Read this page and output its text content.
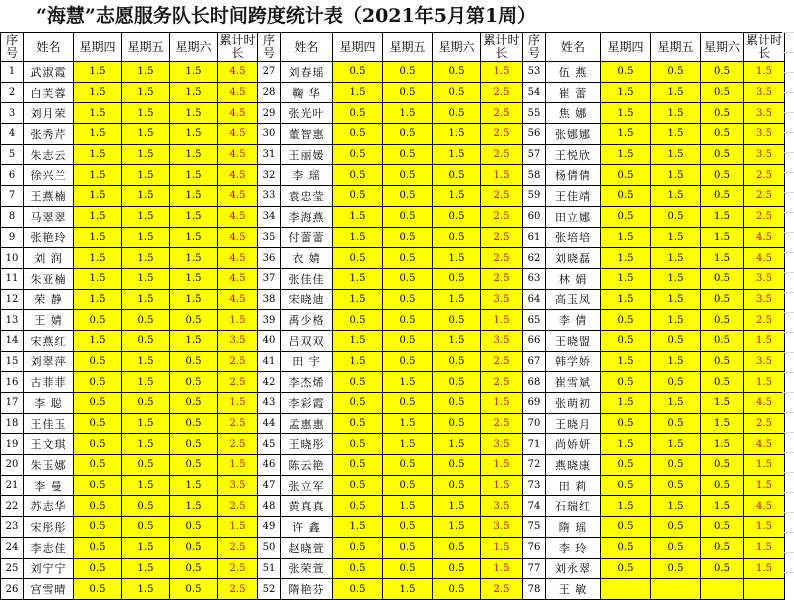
“海慧”志愿服务队长时间跨度统计表（2021年5月第1周）
序号	姓名	星期四	星期五	星期六	累计时长	序号	姓名	星期四	星期五	星期六	累计时长	序号	姓名	星期四	星期五	星期六	累计时长
1	武淑霞	1.5	1.5	1.5	4.5	27	刘春瑶	0.5	0.5	0.5	1.5	53	伍 燕	0.5	0.5	0.5	1.5
2	白芙蓉	1.5	1.5	1.5	4.5	28	鞠 华	1.5	0.5	0.5	2.5	54	崔 蕾	1.5	1.5	0.5	3.5
3	刘月荣	1.5	1.5	1.5	4.5	29	张光叶	0.5	1.5	0.5	2.5	55	焦 娜	1.5	1.5	0.5	3.5
4	张秀芹	1.5	1.5	1.5	4.5	30	董智惠	0.5	0.5	1.5	2.5	56	张娜娜	1.5	1.5	0.5	3.5
5	朱志云	1.5	1.5	1.5	4.5	31	王丽媛	0.5	0.5	1.5	2.5	57	王悦欣	1.5	1.5	0.5	3.5
6	徐兴兰	1.5	1.5	1.5	4.5	32	李 瑶	0.5	0.5	0.5	1.5	58	杨倩倩	0.5	1.5	0.5	2.5
7	王燕楠	1.5	1.5	1.5	4.5	33	袁忠莹	0.5	0.5	1.5	2.5	59	王佳靖	0.5	1.5	0.5	2.5
8	马翠翠	1.5	1.5	1.5	4.5	34	李海燕	1.5	0.5	0.5	2.5	60	田立娜	0.5	0.5	1.5	2.5
9	张艳玲	1.5	1.5	1.5	4.5	35	付蕾蕾	1.5	0.5	0.5	2.5	61	张培培	1.5	1.5	1.5	4.5
10	刘 润	1.5	1.5	1.5	4.5	36	衣 婧	0.5	0.5	1.5	2.5	62	刘晓磊	1.5	1.5	1.5	4.5
11	朱亚楠	1.5	1.5	1.5	4.5	37	张佳佳	1.5	0.5	0.5	2.5	63	林 娟	1.5	1.5	0.5	3.5
12	荣 静	1.5	1.5	1.5	4.5	38	宋晓迪	1.5	0.5	1.5	3.5	64	高玉凤	1.5	1.5	0.5	3.5
13	王 婧	0.5	0.5	0.5	1.5	39	禹少格	0.5	0.5	0.5	1.5	65	李 倩	0.5	1.5	0.5	2.5
14	宋燕红	1.5	0.5	1.5	3.5	40	吕双双	1.5	0.5	1.5	3.5	66	王晓盟	0.5	0.5	0.5	1.5
15	刘翠萍	0.5	1.5	0.5	2.5	41	田 宇	1.5	0.5	0.5	2.5	67	韩学娇	1.5	1.5	0.5	3.5
16	古菲菲	0.5	1.5	0.5	2.5	42	李杰烯	0.5	1.5	0.5	2.5	68	崔雪斌	0.5	0.5	0.5	1.5
17	李 聪	0.5	0.5	0.5	1.5	43	李彩霞	0.5	0.5	0.5	1.5	69	张萌初	1.5	1.5	1.5	4.5
18	王佳玉	0.5	1.5	0.5	2.5	44	孟惠惠	0.5	1.5	0.5	2.5	70	王晓月	0.5	0.5	1.5	2.5
19	王文琪	0.5	1.5	0.5	2.5	45	王晓彤	0.5	1.5	1.5	3.5	71	尚娇妍	1.5	1.5	1.5	4.5
20	朱玉娜	0.5	0.5	0.5	1.5	46	陈云艳	0.5	0.5	0.5	1.5	72	燕晓康	0.5	0.5	0.5	1.5
21	李 曼	0.5	1.5	1.5	3.5	47	张立军	0.5	0.5	0.5	1.5	73	田 莉	0.5	0.5	0.5	1.5
22	苏志华	0.5	0.5	1.5	2.5	48	黄真真	0.5	1.5	1.5	3.5	74	石瑞红	1.5	1.5	1.5	4.5
23	宋彤彤	0.5	0.5	0.5	1.5	49	许 鑫	1.5	0.5	1.5	3.5	75	隋 瑶	0.5	0.5	0.5	1.5
24	李志佳	0.5	1.5	0.5	2.5	50	赵晓萱	0.5	0.5	0.5	1.5	76	李 玲	0.5	0.5	0.5	1.5
25	刘宁宁	0.5	1.5	0.5	2.5	51	张荣萱	0.5	0.5	0.5	1.5	77	刘永翠	0.5	0.5	0.5	1.5
26	宫雪晴	0.5	1.5	0.5	2.5	52	隋艳芬	0.5	1.5	0.5	2.5	78	王 敏				
